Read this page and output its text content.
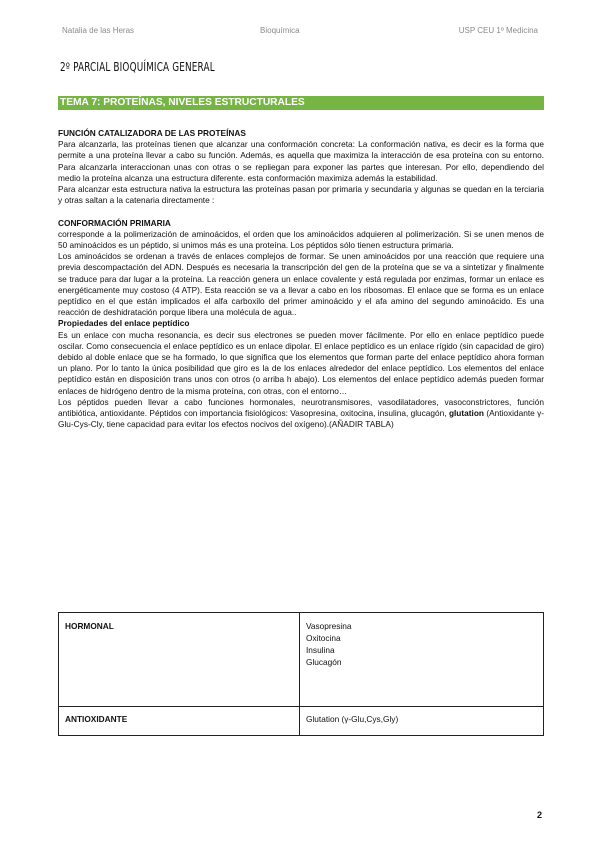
Natalia de las Heras	Bioquímica	USP CEU 1º Medicina
2º PARCIAL BIOQUÍMICA GENERAL
TEMA 7: PROTEÍNAS, NIVELES ESTRUCTURALES

FUNCIÓN CATALIZADORA DE LAS PROTEÍNAS

Para alcanzarla, las proteínas tienen que alcanzar una conformación concreta: La conformación nativa, es decir es la forma que permite a una proteína llevar a cabo su función. Además, es aquella que maximiza la interacción de esa proteína con su entorno. Para alcanzarla interaccionan unas con otras o se repliegan para exponer las partes que interesan. Por ello, dependiendo del medio la proteína alcanza una estructura diferente. esta conformación maximiza además la estabilidad.

Para alcanzar esta estructura nativa la estructura las proteínas pasan por primaria y secundaria y algunas se quedan en la terciaria y otras saltan a la catenaria directamente :

CONFORMACIÓN PRIMARIA

corresponde a la polimerización de aminoácidos, el orden que los aminoácidos adquieren al polimerización. Si se unen menos de 50 aminoácidos es un péptido, si unimos más es una proteína. Los péptidos sólo tienen estructura primaria.

Los aminoácidos se ordenan a través de enlaces complejos de formar. Se unen aminoácidos por una reacción que requiere una previa descompactación del ADN. Después es necesaria la transcripción del gen de la proteína que se va a sintetizar y finalmente se traduce para dar lugar a la proteína. La reacción genera un enlace covalente y está regulada por enzimas, formar un enlace es energéticamente muy costoso (4 ATP). Esta reacción se va a llevar a cabo en los ribosomas. El enlace que se forma es un enlace peptídico en el que están implicados el alfa carboxilo del primer aminoácido y el afa amino del segundo aminoácido. Es una reacción de deshidratación porque libera una molécula de agua..

Propiedades del enlace peptídico

Es un enlace con mucha resonancia, es decir sus electrones se pueden mover fácilmente. Por ello en enlace peptídico puede oscilar. Como consecuencia el enlace peptídico es un enlace dipolar. El enlace peptídico es un enlace rígido (sin capacidad de giro) debido al doble enlace que se ha formado, lo que significa que los elementos que forman parte del enlace peptídico ahora forman un plano. Por lo tanto la única posibilidad que giro es la de los enlaces alrededor del enlace peptídico. Los elementos del enlace peptídico están en disposición trans unos con otros (o arriba h abajo). Los elementos del enlace peptídico además pueden formar enlaces de hidrógeno dentro de la misma proteína, con otras, con el entorno…

Los péptidos pueden llevar a cabo funciones hormonales, neurotransmisores, vasodilatadores, vasoconstrictores, función antibiótica, antioxidante. Péptidos con importancia fisiológicos: Vasopresina, oxitocina, insulina, glucagón, glutation (Antioxidante γ-Glu-Cys-Cly, tiene capacidad para evitar los efectos nocivos del oxígeno).(AÑADIR TABLA)

HORMONAL	Vasopresina
Oxitocina
Insulina
Glucagón

ANTIOXIDANTE	Glutation (γ-Glu,Cys,Gly)
2
